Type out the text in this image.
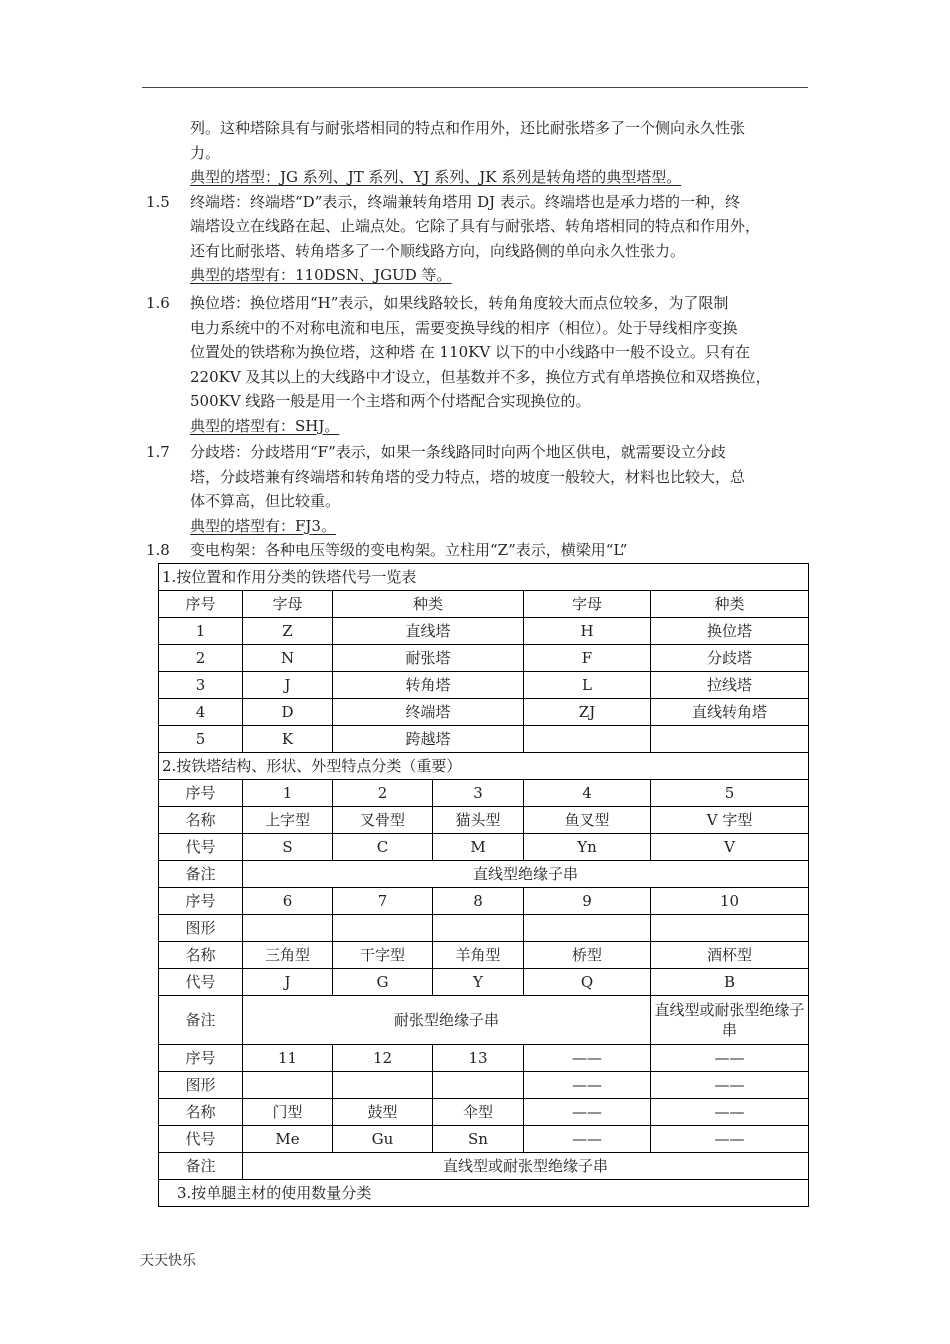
列。这种塔除具有与耐张塔相同的特点和作用外，还比耐张塔多了一个侧向永久性张
力。
典型的塔型：JG 系列、JT 系列、YJ 系列、JK 系列是转角塔的典型塔型。
1.5 终端塔：终端塔“D”表示，终端兼转角塔用 DJ 表示。终端塔也是承力塔的一种，终
端塔设立在线路在起、止端点处。它除了具有与耐张塔、转角塔相同的特点和作用外，
还有比耐张塔、转角塔多了一个顺线路方向，向线路侧的单向永久性张力。
典型的塔型有：110DSN、JGUD 等。
1.6 换位塔：换位塔用“H”表示，如果线路较长，转角角度较大而点位较多，为了限制
电力系统中的不对称电流和电压，需要变换导线的相序（相位）。处于导线相序变换
位置处的铁塔称为换位塔，这种塔 在 110KV 以下的中小线路中一般不设立。只有在
220KV 及其以上的大线路中才设立，但基数并不多，换位方式有单塔换位和双塔换位，
500KV 线路一般是用一个主塔和两个付塔配合实现换位的。
典型的塔型有：SHJ。
1.7 分歧塔：分歧塔用“F”表示，如果一条线路同时向两个地区供电，就需要设立分歧
塔，分歧塔兼有终端塔和转角塔的受力特点，塔的坡度一般较大，材料也比较大，总
体不算高，但比较重。
典型的塔型有：FJ3。
1.8 变电构架：各种电压等级的变电构架。立柱用“Z”表示，横梁用“L”
1.按位置和作用分类的铁塔代号一览表					
序号	字母	种类		字母	种类
1	Z	直线塔		H	换位塔
2	N	耐张塔		F	分歧塔
3	J	转角塔		L	拉线塔
4	D	终端塔		ZJ	直线转角塔
5	K	跨越塔			
2.按铁塔结构、形状、外型特点分类（重要）					
序号	1	2	3	4	5
名称	上字型	叉骨型	猫头型	鱼叉型	V 字型
代号	S	C	M	Yn	V
备注	直线型绝缘子串				
序号	6	7	8	9	10
图形					
名称	三角型	干字型	羊角型	桥型	酒杯型
代号	J	G	Y	Q	B
备注	耐张型绝缘子串				直线型或耐张型绝缘子串
序号	11	12	13	——	——
图形				——	——
名称	门型	鼓型	伞型	——	——
代号	Me	Gu	Sn	——	——
备注	直线型或耐张型绝缘子串				
3.按单腿主材的使用数量分类					
天天快乐
